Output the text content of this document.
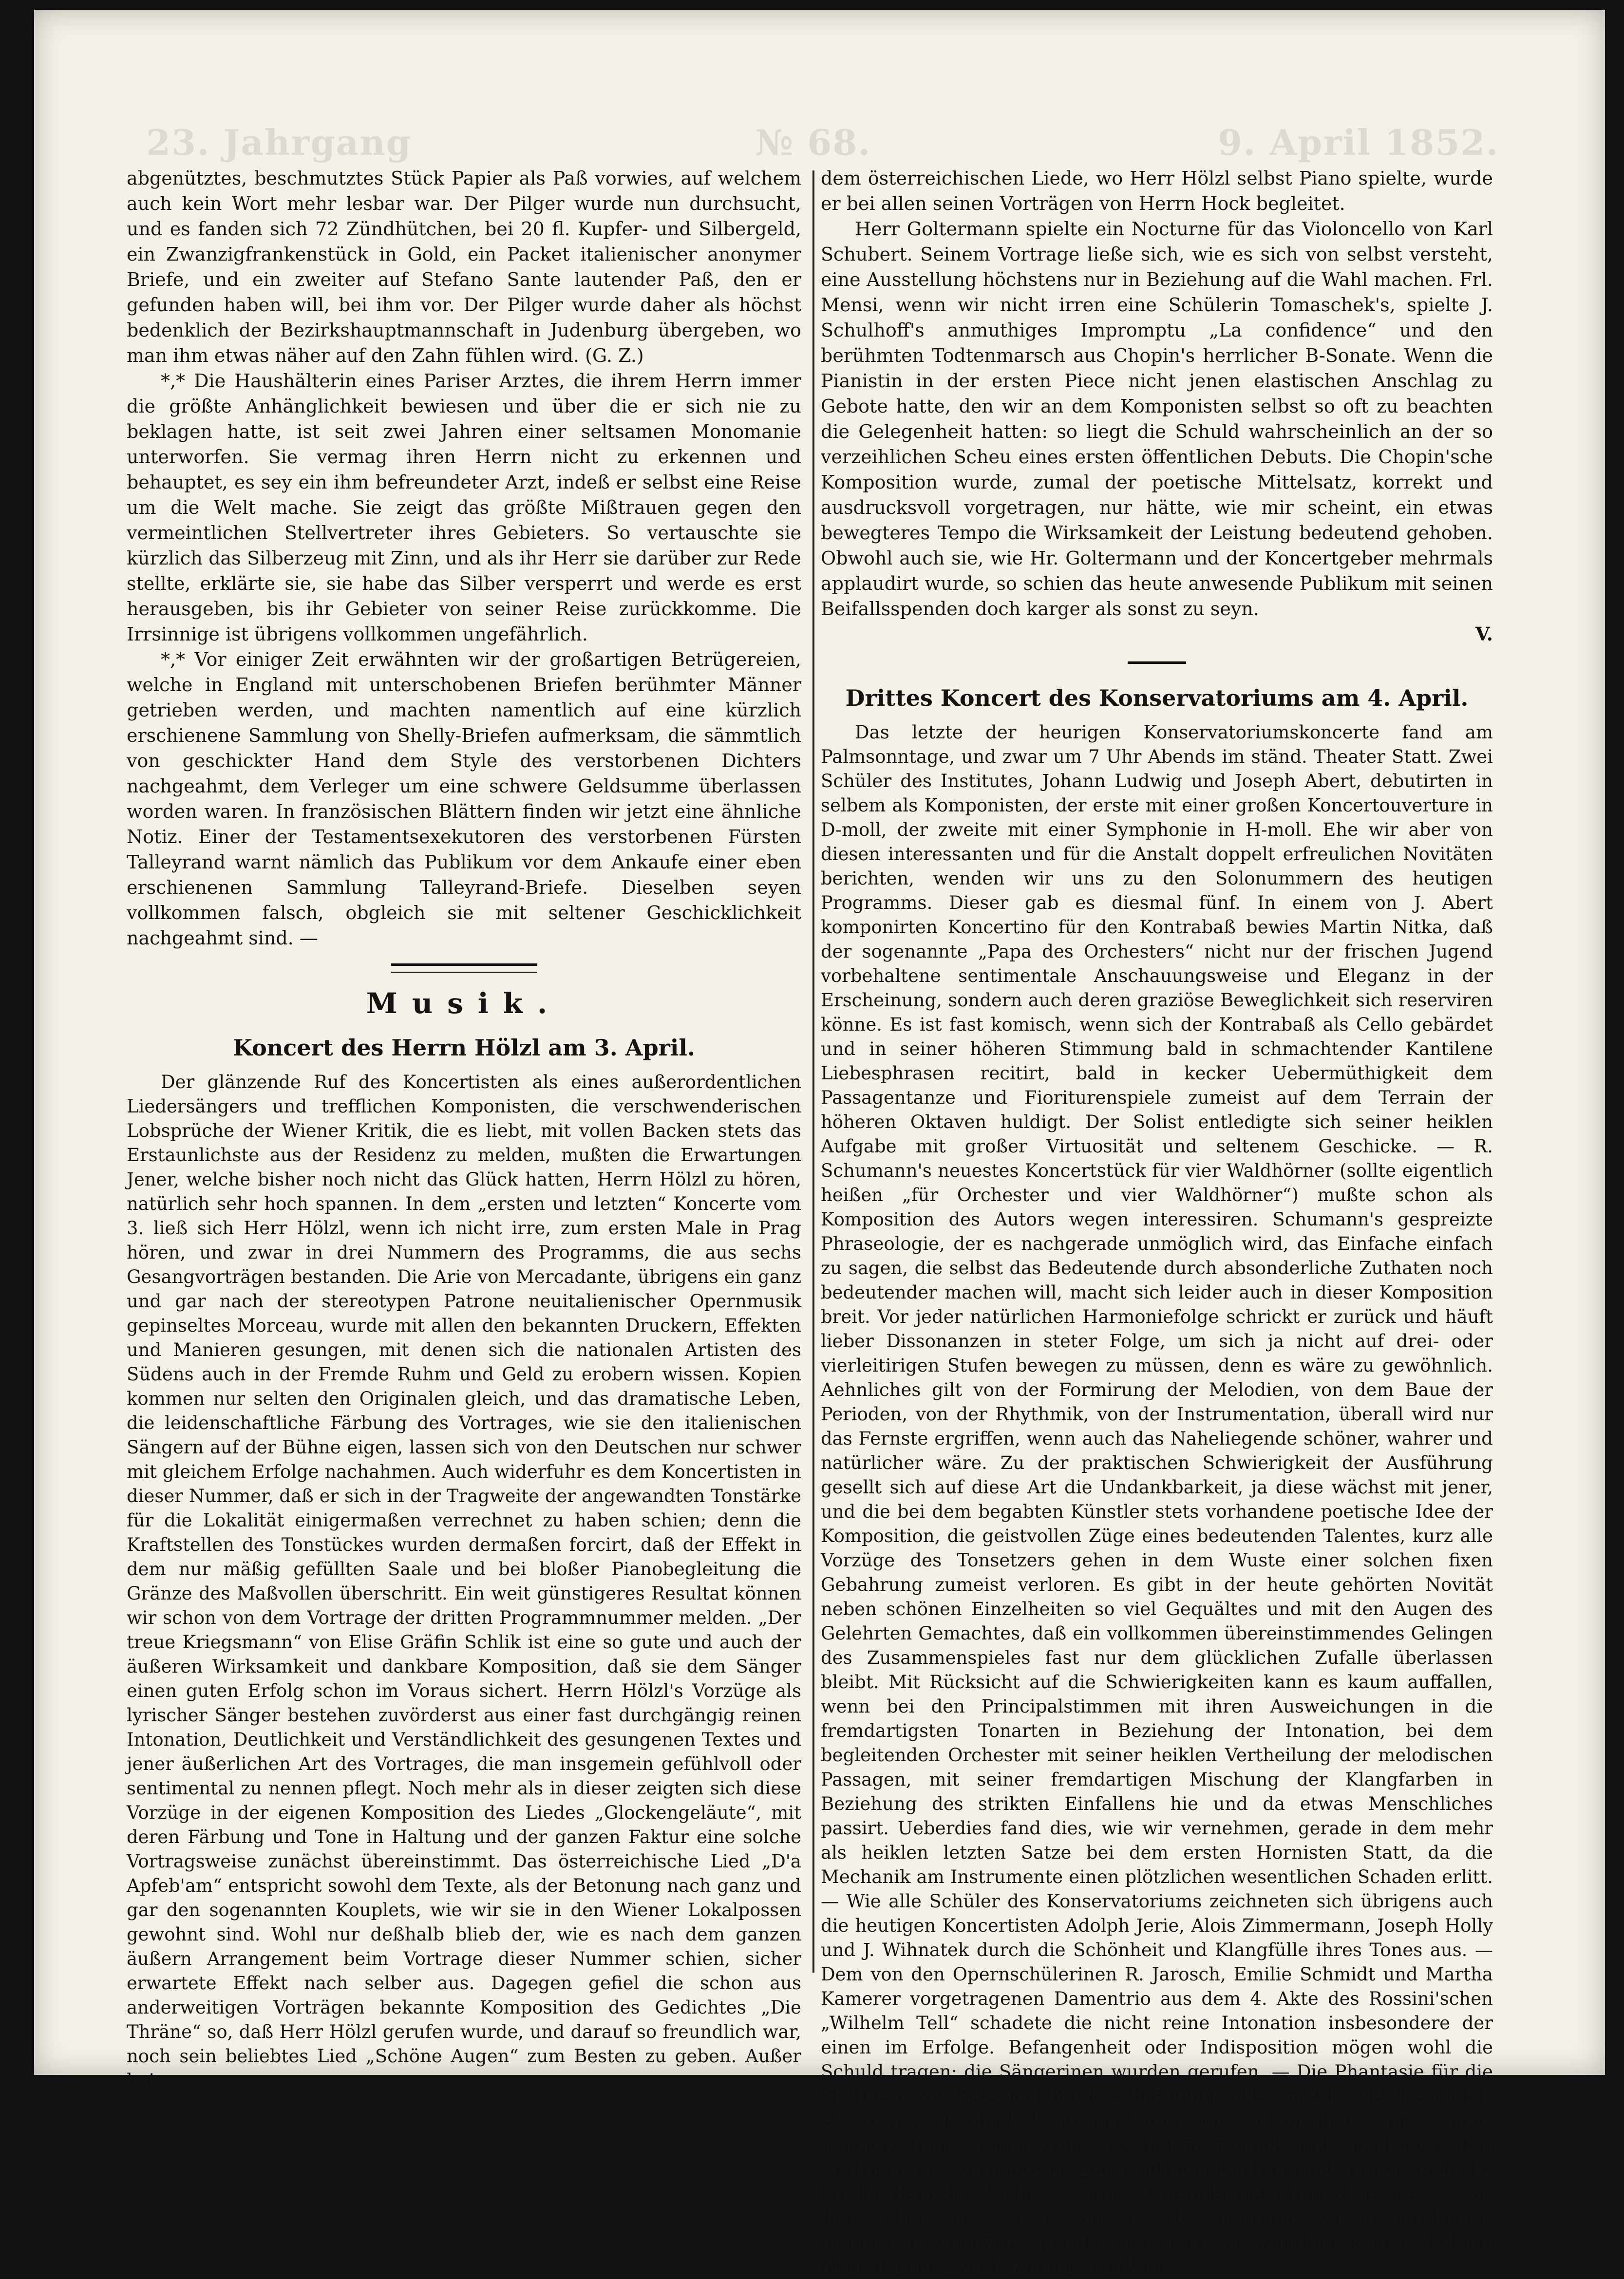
23. Jahrgang	№ 68.	9. April 1852.

abgenütztes, beschmutztes Stück Papier als Paß vorwies, auf welchem auch kein Wort mehr lesbar war. Der Pilger wurde nun durchsucht, und es fanden sich 72 Zündhütchen, bei 20 fl. Kupfer- und Silbergeld, ein Zwanzigfrankenstück in Gold, ein Packet italienischer anonymer Briefe, und ein zweiter auf Stefano Sante lautender Paß, den er gefunden haben will, bei ihm vor. Der Pilger wurde daher als höchst bedenklich der Bezirkshauptmannschaft in Judenburg übergeben, wo man ihm etwas näher auf den Zahn fühlen wird. (G. Z.)

*,* Die Haushälterin eines Pariser Arztes, die ihrem Herrn immer die größte Anhänglichkeit bewiesen und über die er sich nie zu beklagen hatte, ist seit zwei Jahren einer seltsamen Monomanie unterworfen. Sie vermag ihren Herrn nicht zu erkennen und behauptet, es sey ein ihm befreundeter Arzt, indeß er selbst eine Reise um die Welt mache. Sie zeigt das größte Mißtrauen gegen den vermeintlichen Stellvertreter ihres Gebieters. So vertauschte sie kürzlich das Silberzeug mit Zinn, und als ihr Herr sie darüber zur Rede stellte, erklärte sie, sie habe das Silber versperrt und werde es erst herausgeben, bis ihr Gebieter von seiner Reise zurückkomme. Die Irrsinnige ist übrigens vollkommen ungefährlich.

*,* Vor einiger Zeit erwähnten wir der großartigen Betrügereien, welche in England mit unterschobenen Briefen berühmter Männer getrieben werden, und machten namentlich auf eine kürzlich erschienene Sammlung von Shelly-Briefen aufmerksam, die sämmtlich von geschickter Hand dem Style des verstorbenen Dichters nachgeahmt, dem Verleger um eine schwere Geldsumme überlassen worden waren. In französischen Blättern finden wir jetzt eine ähnliche Notiz. Einer der Testamentsexekutoren des verstorbenen Fürsten Talleyrand warnt nämlich das Publikum vor dem Ankaufe einer eben erschienenen Sammlung Talleyrand-Briefe. Dieselben seyen vollkommen falsch, obgleich sie mit seltener Geschicklichkeit nachgeahmt sind. —

Musik.
Koncert des Herrn Hölzl am 3. April.

Der glänzende Ruf des Koncertisten als eines außerordentlichen Liedersängers und trefflichen Komponisten, die verschwenderischen Lobsprüche der Wiener Kritik, die es liebt, mit vollen Backen stets das Erstaunlichste aus der Residenz zu melden, mußten die Erwartungen Jener, welche bisher noch nicht das Glück hatten, Herrn Hölzl zu hören, natürlich sehr hoch spannen. In dem „ersten und letzten“ Koncerte vom 3. ließ sich Herr Hölzl, wenn ich nicht irre, zum ersten Male in Prag hören, und zwar in drei Nummern des Programms, die aus sechs Gesangvorträgen bestanden. Die Arie von Mercadante, übrigens ein ganz und gar nach der stereotypen Patrone neuitalienischer Opernmusik gepinseltes Morceau, wurde mit allen den bekannten Druckern, Effekten und Manieren gesungen, mit denen sich die nationalen Artisten des Südens auch in der Fremde Ruhm und Geld zu erobern wissen. Kopien kommen nur selten den Originalen gleich, und das dramatische Leben, die leidenschaftliche Färbung des Vortrages, wie sie den italienischen Sängern auf der Bühne eigen, lassen sich von den Deutschen nur schwer mit gleichem Erfolge nachahmen. Auch widerfuhr es dem Koncertisten in dieser Nummer, daß er sich in der Tragweite der angewandten Tonstärke für die Lokalität einigermaßen verrechnet zu haben schien; denn die Kraftstellen des Tonstückes wurden dermaßen forcirt, daß der Effekt in dem nur mäßig gefüllten Saale und bei bloßer Pianobegleitung die Gränze des Maßvollen überschritt. Ein weit günstigeres Resultat können wir schon von dem Vortrage der dritten Programmnummer melden. „Der treue Kriegsmann“ von Elise Gräfin Schlik ist eine so gute und auch der äußeren Wirksamkeit und dankbare Komposition, daß sie dem Sänger einen guten Erfolg schon im Voraus sichert. Herrn Hölzl's Vorzüge als lyrischer Sänger bestehen zuvörderst aus einer fast durchgängig reinen Intonation, Deutlichkeit und Verständlichkeit des gesungenen Textes und jener äußerlichen Art des Vortrages, die man insgemein gefühlvoll oder sentimental zu nennen pflegt. Noch mehr als in dieser zeigten sich diese Vorzüge in der eigenen Komposition des Liedes „Glockengeläute“, mit deren Färbung und Tone in Haltung und der ganzen Faktur eine solche Vortragsweise zunächst übereinstimmt. Das österreichische Lied „D'a Apfeb'am“ entspricht sowohl dem Texte, als der Betonung nach ganz und gar den sogenannten Kouplets, wie wir sie in den Wiener Lokalpossen gewohnt sind. Wohl nur deßhalb blieb der, wie es nach dem ganzen äußern Arrangement beim Vortrage dieser Nummer schien, sicher erwartete Effekt nach selber aus. Dagegen gefiel die schon aus anderweitigen Vorträgen bekannte Komposition des Gedichtes „Die Thräne“ so, daß Herr Hölzl gerufen wurde, und darauf so freundlich war, noch sein beliebtes Lied „Schöne Augen“ zum Besten zu geben. Außer bei

dem österreichischen Liede, wo Herr Hölzl selbst Piano spielte, wurde er bei allen seinen Vorträgen von Herrn Hock begleitet.

Herr Goltermann spielte ein Nocturne für das Violoncello von Karl Schubert. Seinem Vortrage ließe sich, wie es sich von selbst versteht, eine Ausstellung höchstens nur in Beziehung auf die Wahl machen. Frl. Mensi, wenn wir nicht irren eine Schülerin Tomaschek's, spielte J. Schulhoff's anmuthiges Impromptu „La confidence“ und den berühmten Todtenmarsch aus Chopin's herrlicher B-Sonate. Wenn die Pianistin in der ersten Piece nicht jenen elastischen Anschlag zu Gebote hatte, den wir an dem Komponisten selbst so oft zu beachten die Gelegenheit hatten: so liegt die Schuld wahrscheinlich an der so verzeihlichen Scheu eines ersten öffentlichen Debuts. Die Chopin'sche Komposition wurde, zumal der poetische Mittelsatz, korrekt und ausdrucksvoll vorgetragen, nur hätte, wie mir scheint, ein etwas bewegteres Tempo die Wirksamkeit der Leistung bedeutend gehoben. Obwohl auch sie, wie Hr. Goltermann und der Koncertgeber mehrmals applaudirt wurde, so schien das heute anwesende Publikum mit seinen Beifallsspenden doch karger als sonst zu seyn.

V.

Drittes Koncert des Konservatoriums am 4. April.

Das letzte der heurigen Konservatoriumskoncerte fand am Palmsonntage, und zwar um 7 Uhr Abends im ständ. Theater Statt. Zwei Schüler des Institutes, Johann Ludwig und Joseph Abert, debutirten in selbem als Komponisten, der erste mit einer großen Koncertouverture in D-moll, der zweite mit einer Symphonie in H-moll. Ehe wir aber von diesen interessanten und für die Anstalt doppelt erfreulichen Novitäten berichten, wenden wir uns zu den Solonummern des heutigen Programms. Dieser gab es diesmal fünf. In einem von J. Abert komponirten Koncertino für den Kontrabaß bewies Martin Nitka, daß der sogenannte „Papa des Orchesters“ nicht nur der frischen Jugend vorbehaltene sentimentale Anschauungsweise und Eleganz in der Erscheinung, sondern auch deren graziöse Beweglichkeit sich reserviren könne. Es ist fast komisch, wenn sich der Kontrabaß als Cello gebärdet und in seiner höheren Stimmung bald in schmachtender Kantilene Liebesphrasen recitirt, bald in kecker Uebermüthigkeit dem Passagentanze und Fioriturenspiele zumeist auf dem Terrain der höheren Oktaven huldigt. Der Solist entledigte sich seiner heiklen Aufgabe mit großer Virtuosität und seltenem Geschicke. — R. Schumann's neuestes Koncertstück für vier Waldhörner (sollte eigentlich heißen „für Orchester und vier Waldhörner“) mußte schon als Komposition des Autors wegen interessiren. Schumann's gespreizte Phraseologie, der es nachgerade unmöglich wird, das Einfache einfach zu sagen, die selbst das Bedeutende durch absonderliche Zuthaten noch bedeutender machen will, macht sich leider auch in dieser Komposition breit. Vor jeder natürlichen Harmoniefolge schrickt er zurück und häuft lieber Dissonanzen in steter Folge, um sich ja nicht auf drei- oder vierleitirigen Stufen bewegen zu müssen, denn es wäre zu gewöhnlich. Aehnliches gilt von der Formirung der Melodien, von dem Baue der Perioden, von der Rhythmik, von der Instrumentation, überall wird nur das Fernste ergriffen, wenn auch das Naheliegende schöner, wahrer und natürlicher wäre. Zu der praktischen Schwierigkeit der Ausführung gesellt sich auf diese Art die Undankbarkeit, ja diese wächst mit jener, und die bei dem begabten Künstler stets vorhandene poetische Idee der Komposition, die geistvollen Züge eines bedeutenden Talentes, kurz alle Vorzüge des Tonsetzers gehen in dem Wuste einer solchen fixen Gebahrung zumeist verloren. Es gibt in der heute gehörten Novität neben schönen Einzelheiten so viel Gequältes und mit den Augen des Gelehrten Gemachtes, daß ein vollkommen übereinstimmendes Gelingen des Zusammenspieles fast nur dem glücklichen Zufalle überlassen bleibt. Mit Rücksicht auf die Schwierigkeiten kann es kaum auffallen, wenn bei den Principalstimmen mit ihren Ausweichungen in die fremdartigsten Tonarten in Beziehung der Intonation, bei dem begleitenden Orchester mit seiner heiklen Vertheilung der melodischen Passagen, mit seiner fremdartigen Mischung der Klangfarben in Beziehung des strikten Einfallens hie und da etwas Menschliches passirt. Ueberdies fand dies, wie wir vernehmen, gerade in dem mehr als heiklen letzten Satze bei dem ersten Hornisten Statt, da die Mechanik am Instrumente einen plötzlichen wesentlichen Schaden erlitt. — Wie alle Schüler des Konservatoriums zeichneten sich übrigens auch die heutigen Koncertisten Adolph Jerie, Alois Zimmermann, Joseph Holly und J. Wihnatek durch die Schönheit und Klangfülle ihres Tones aus. — Dem von den Opernschülerinen R. Jarosch, Emilie Schmidt und Martha Kamerer vorgetragenen Damentrio aus dem 4. Akte des Rossini'schen „Wilhelm Tell“ schadete die nicht reine Intonation insbesondere der einen im Erfolge. Befangenheit oder Indisposition mögen wohl die Schuld tragen; die Sängerinen wurden gerufen. — Die Phantasie für die Klarinette von Reissiger bot dem hoffnungsvollen Schüler des trefflichen Pisařowitz, Raphael Winternitz günstige Gelegenheit, mit seinem schönen Tone, seiner wohl geschulten Technik und ausdrucksvollen Vortragsweise zu glänzen. Einer solchen Leistung entsprach auch der Erfolg; denn der Virtuose wurde zwei- oder gar dreimal gerufen. — Zu dem schon im ersten Koncerte der heurigen Saison gerühmten Violinisten Bennewitz gesellte sich heute als würdiger Kollege Johann Wolf, der das zweite Koncert von Vieux-
